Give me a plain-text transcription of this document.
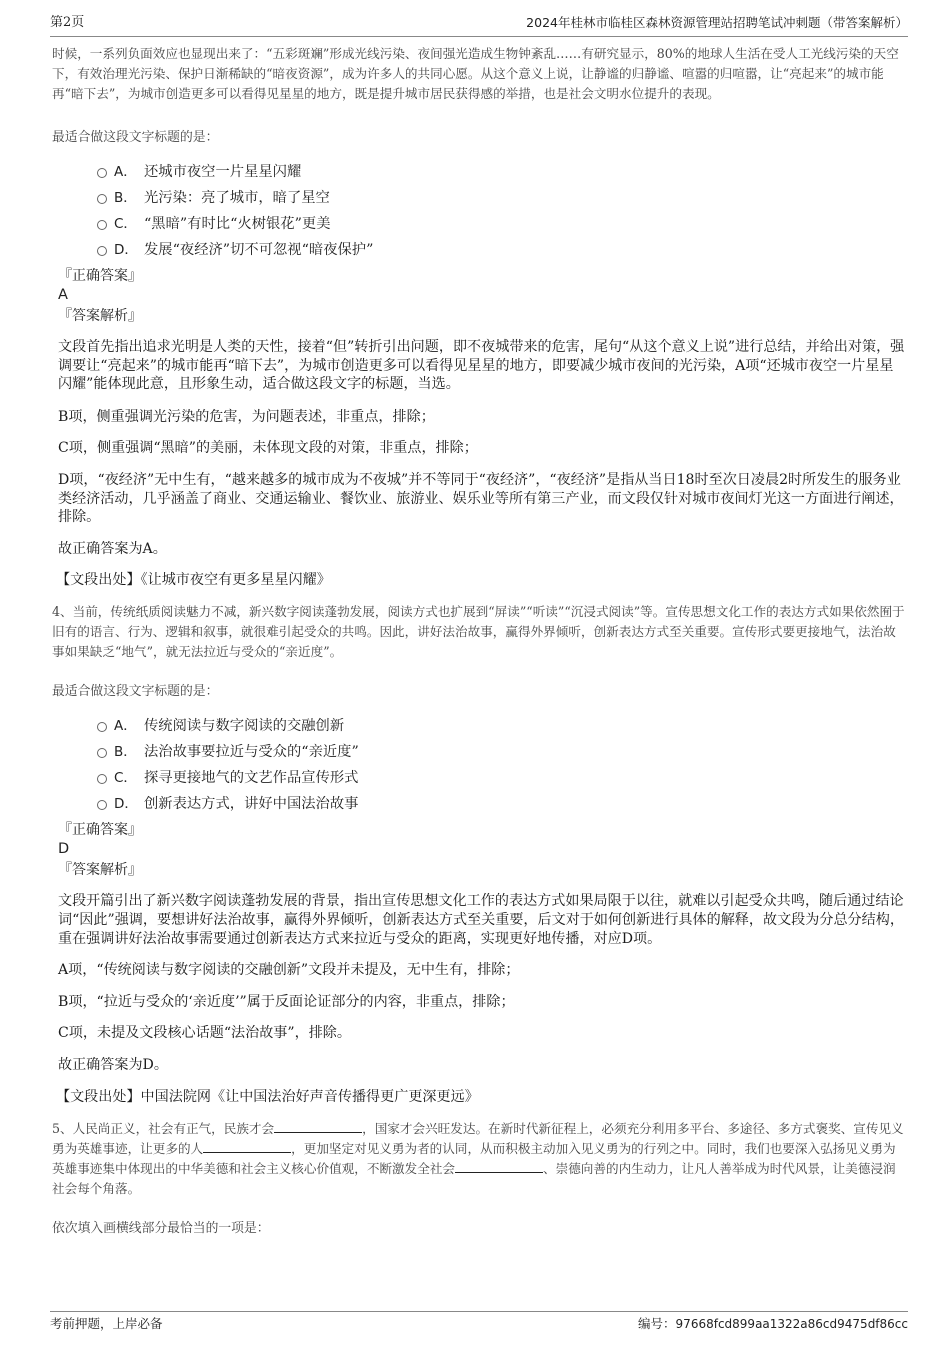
第2页	2024年桂林市临桂区森林资源管理站招聘笔试冲刺题（带答案解析）

时候，一系列负面效应也显现出来了：“五彩斑斓”形成光线污染、夜间强光造成生物钟紊乱……有研究显示，80%的地球人生活在受人工光线污染的天空下，有效治理光污染、保护日渐稀缺的“暗夜资源”，成为许多人的共同心愿。从这个意义上说，让静谧的归静谧、喧嚣的归喧嚣，让“亮起来”的城市能再“暗下去”，为城市创造更多可以看得见星星的地方，既是提升城市居民获得感的举措，也是社会文明水位提升的表现。

最适合做这段文字标题的是：

A． 还城市夜空一片星星闪耀
B． 光污染：亮了城市，暗了星空
C． “黑暗”有时比“火树银花”更美
D． 发展“夜经济”切不可忽视“暗夜保护”

『正确答案』

A

『答案解析』

文段首先指出追求光明是人类的天性，接着“但”转折引出问题，即不夜城带来的危害，尾句“从这个意义上说”进行总结，并给出对策，强调要让“亮起来”的城市能再“暗下去”，为城市创造更多可以看得见星星的地方，即要减少城市夜间的光污染，A项“还城市夜空一片星星闪耀”能体现此意，且形象生动，适合做这段文字的标题，当选。

B项，侧重强调光污染的危害，为问题表述，非重点，排除；

C项，侧重强调“黑暗”的美丽，未体现文段的对策，非重点，排除；

D项，“夜经济”无中生有，“越来越多的城市成为不夜城”并不等同于“夜经济”，“夜经济”是指从当日18时至次日凌晨2时所发生的服务业类经济活动，几乎涵盖了商业、交通运输业、餐饮业、旅游业、娱乐业等所有第三产业，而文段仅针对城市夜间灯光这一方面进行阐述，排除。

故正确答案为A。

【文段出处】《让城市夜空有更多星星闪耀》

4、当前，传统纸质阅读魅力不减，新兴数字阅读蓬勃发展，阅读方式也扩展到“屏读”“听读”“沉浸式阅读”等。宣传思想文化工作的表达方式如果依然囿于旧有的语言、行为、逻辑和叙事，就很难引起受众的共鸣。因此，讲好法治故事，赢得外界倾听，创新表达方式至关重要。宣传形式要更接地气，法治故事如果缺乏“地气”，就无法拉近与受众的“亲近度”。

最适合做这段文字标题的是：

A． 传统阅读与数字阅读的交融创新
B． 法治故事要拉近与受众的“亲近度”
C． 探寻更接地气的文艺作品宣传形式
D． 创新表达方式，讲好中国法治故事

『正确答案』

D

『答案解析』

文段开篇引出了新兴数字阅读蓬勃发展的背景，指出宣传思想文化工作的表达方式如果局限于以往，就难以引起受众共鸣，随后通过结论词“因此”强调，要想讲好法治故事，赢得外界倾听，创新表达方式至关重要，后文对于如何创新进行具体的解释，故文段为分总分结构，重在强调讲好法治故事需要通过创新表达方式来拉近与受众的距离，实现更好地传播，对应D项。

A项，“传统阅读与数字阅读的交融创新”文段并未提及，无中生有，排除；

B项，“拉近与受众的‘亲近度’”属于反面论证部分的内容，非重点，排除；

C项，未提及文段核心话题“法治故事”，排除。

故正确答案为D。

【文段出处】中国法院网《让中国法治好声音传播得更广更深更远》

5、人民尚正义，社会有正气，民族才会	，国家才会兴旺发达。在新时代新征程上，必须充分利用多平台、多途径、多方式褒奖、宣传见义勇为英雄事迹，让更多的人	，更加坚定对见义勇为者的认同，从而积极主动加入见义勇为的行列之中。同时，我们也要深入弘扬见义勇为英雄事迹集中体现出的中华美德和社会主义核心价值观，不断激发全社会	、崇德向善的内生动力，让凡人善举成为时代风景，让美德浸润社会每个角落。

依次填入画横线部分最恰当的一项是：

考前押题，上岸必备	编号：97668fcd899aa1322a86cd9475df86cc
